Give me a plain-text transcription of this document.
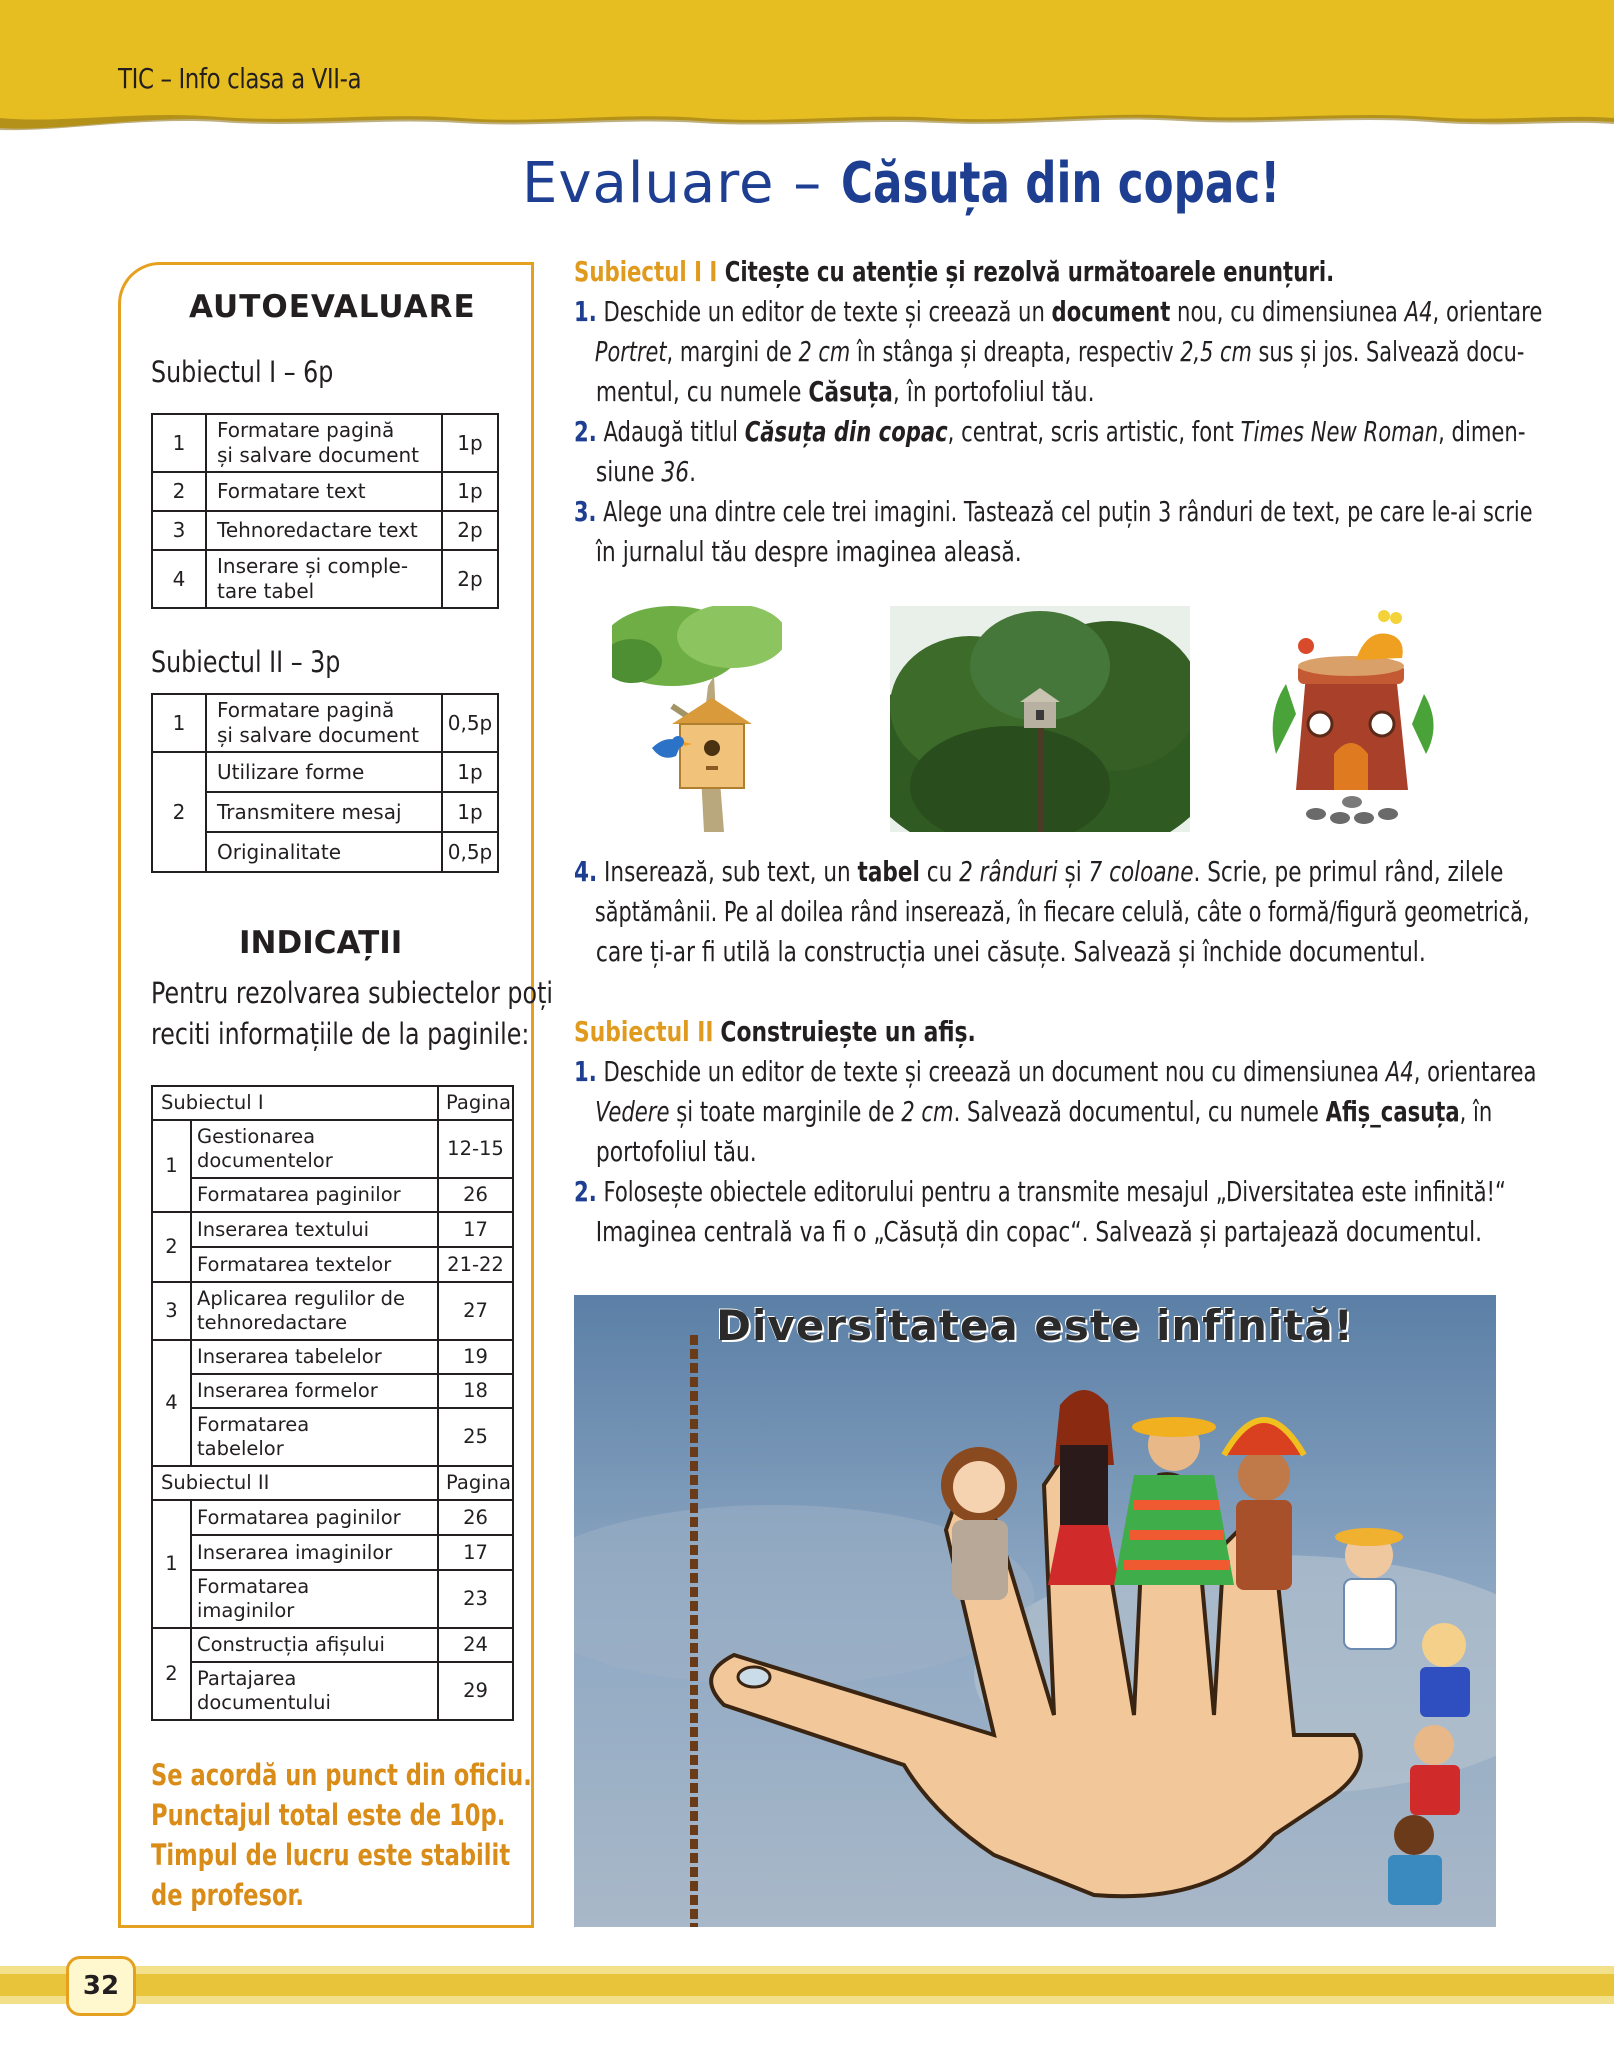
TIC – Info clasa a VII-a
Evaluare – Căsuța din copac!
AUTOEVALUARE
Subiectul I – 6p
1	Formatare pagină
și salvare document	1p
2	Formatare text	1p
3	Tehnoredactare text	2p
4	Inserare și comple-
tare tabel	2p
Subiectul II – 3p
1	Formatare pagină
și salvare document	0,5p
2	Utilizare forme	1p
	Transmitere mesaj	1p
	Originalitate	0,5p
INDICAȚII
Pentru rezolvarea subiectelor poți
reciti informațiile de la paginile:
Subiectul I		Pagina
1	Gestionarea
documentelor	12-15
	Formatarea paginilor	26
2	Inserarea textului	17
	Formatarea textelor	21-22
3	Aplicarea regulilor de
tehnoredactare	27
4	Inserarea tabelelor	19
	Inserarea formelor	18
	Formatarea
tabelelor	25
Subiectul II		Pagina
1	Formatarea paginilor	26
	Inserarea imaginilor	17
	Formatarea
imaginilor	23
2	Construcția afișului	24
	Partajarea
documentului	29
Se acordă un punct din oficiu.
Punctajul total este de 10p.
Timpul de lucru este stabilit
de profesor.
Subiectul I I Citește cu atenție și rezolvă următoarele enunțuri.
1. Deschide un editor de texte și creează un document nou, cu dimensiunea A4, orientare
Portret, margini de 2 cm în stânga și dreapta, respectiv 2,5 cm sus și jos. Salvează docu-
mentul, cu numele Căsuța, în portofoliul tău.
2. Adaugă titlul Căsuța din copac, centrat, scris artistic, font Times New Roman, dimen-
siune 36.
3. Alege una dintre cele trei imagini. Tastează cel puțin 3 rânduri de text, pe care le-ai scrie
în jurnalul tău despre imaginea aleasă.
4. Inserează, sub text, un tabel cu 2 rânduri și 7 coloane. Scrie, pe primul rând, zilele
săptămânii. Pe al doilea rând inserează, în fiecare celulă, câte o formă/figură geometrică,
care ți-ar fi utilă la construcția unei căsuțe. Salvează și închide documentul.
Subiectul II Construiește un afiș.
1. Deschide un editor de texte și creează un document nou cu dimensiunea A4, orientarea
Vedere și toate marginile de 2 cm. Salvează documentul, cu numele Afiș_casuța, în
portofoliul tău.
2. Folosește obiectele editorului pentru a transmite mesajul „Diversitatea este infinită!“
Imaginea centrală va fi o „Căsuță din copac“. Salvează și partajează documentul.
Diversitatea este infinită!
32
